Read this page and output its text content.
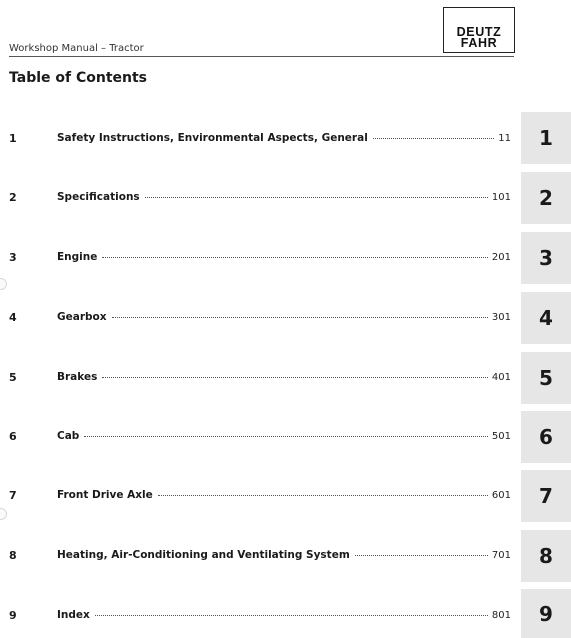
Workshop Manual – Tractor
DEUTZ
FAHR
Table of Contents
1	Safety Instructions, Environmental Aspects, General	11
2	Specifications	101
3	Engine	201
4	Gearbox	301
5	Brakes	401
6	Cab	501
7	Front Drive Axle	601
8	Heating, Air-Conditioning and Ventilating System	701
9	Index	801
1
2
3
4
5
6
7
8
9
